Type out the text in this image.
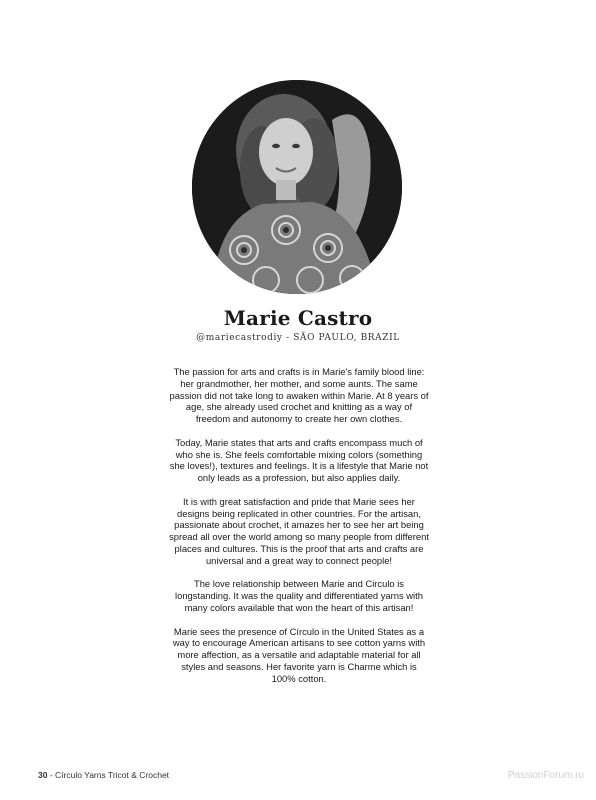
Marie Castro
@mariecastrodiy - SÃO PAULO, BRAZIL

The passion for arts and crafts is in Marie's family blood line: her grandmother, her mother, and some aunts. The same passion did not take long to awaken within Marie. At 8 years of age, she already used crochet and knitting as a way of freedom and autonomy to create her own clothes.

Today, Marie states that arts and crafts encompass much of who she is. She feels comfortable mixing colors (something she loves!), textures and feelings. It is a lifestyle that Marie not only leads as a profession, but also applies daily.

It is with great satisfaction and pride that Marie sees her designs being replicated in other countries. For the artisan, passionate about crochet, it amazes her to see her art being spread all over the world among so many people from different places and cultures. This is the proof that arts and crafts are universal and a great way to connect people!

The love relationship between Marie and Circulo is longstanding. It was the quality and differentiated yarns with many colors available that won the heart of this artisan!

Marie sees the presence of Círculo in the United States as a way to encourage American artisans to see cotton yarns with more affection, as a versatile and adaptable material for all styles and seasons. Her favorite yarn is Charme which is 100% cotton.

30 - Círculo Yarns Tricot & Crochet	PassionForum.ru
